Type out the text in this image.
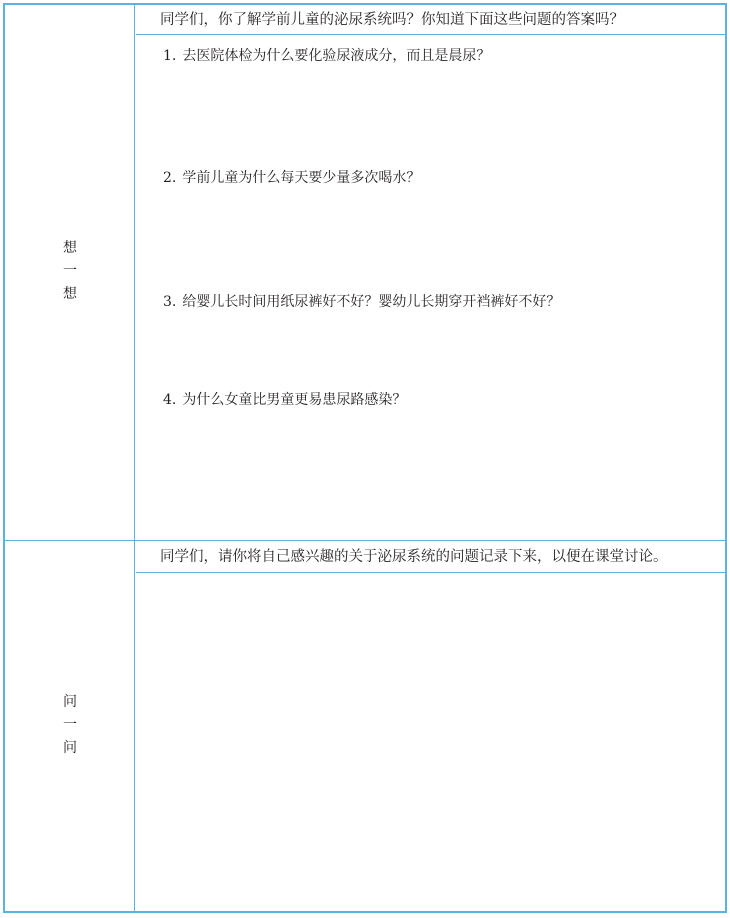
想
一
想
同学们，你了解学前儿童的泌尿系统吗？你知道下面这些问题的答案吗？
1. 去医院体检为什么要化验尿液成分，而且是晨尿？
2. 学前儿童为什么每天要少量多次喝水？
3. 给婴儿长时间用纸尿裤好不好？婴幼儿长期穿开裆裤好不好？
4. 为什么女童比男童更易患尿路感染？
问
一
问
同学们，请你将自己感兴趣的关于泌尿系统的问题记录下来，以便在课堂讨论。
